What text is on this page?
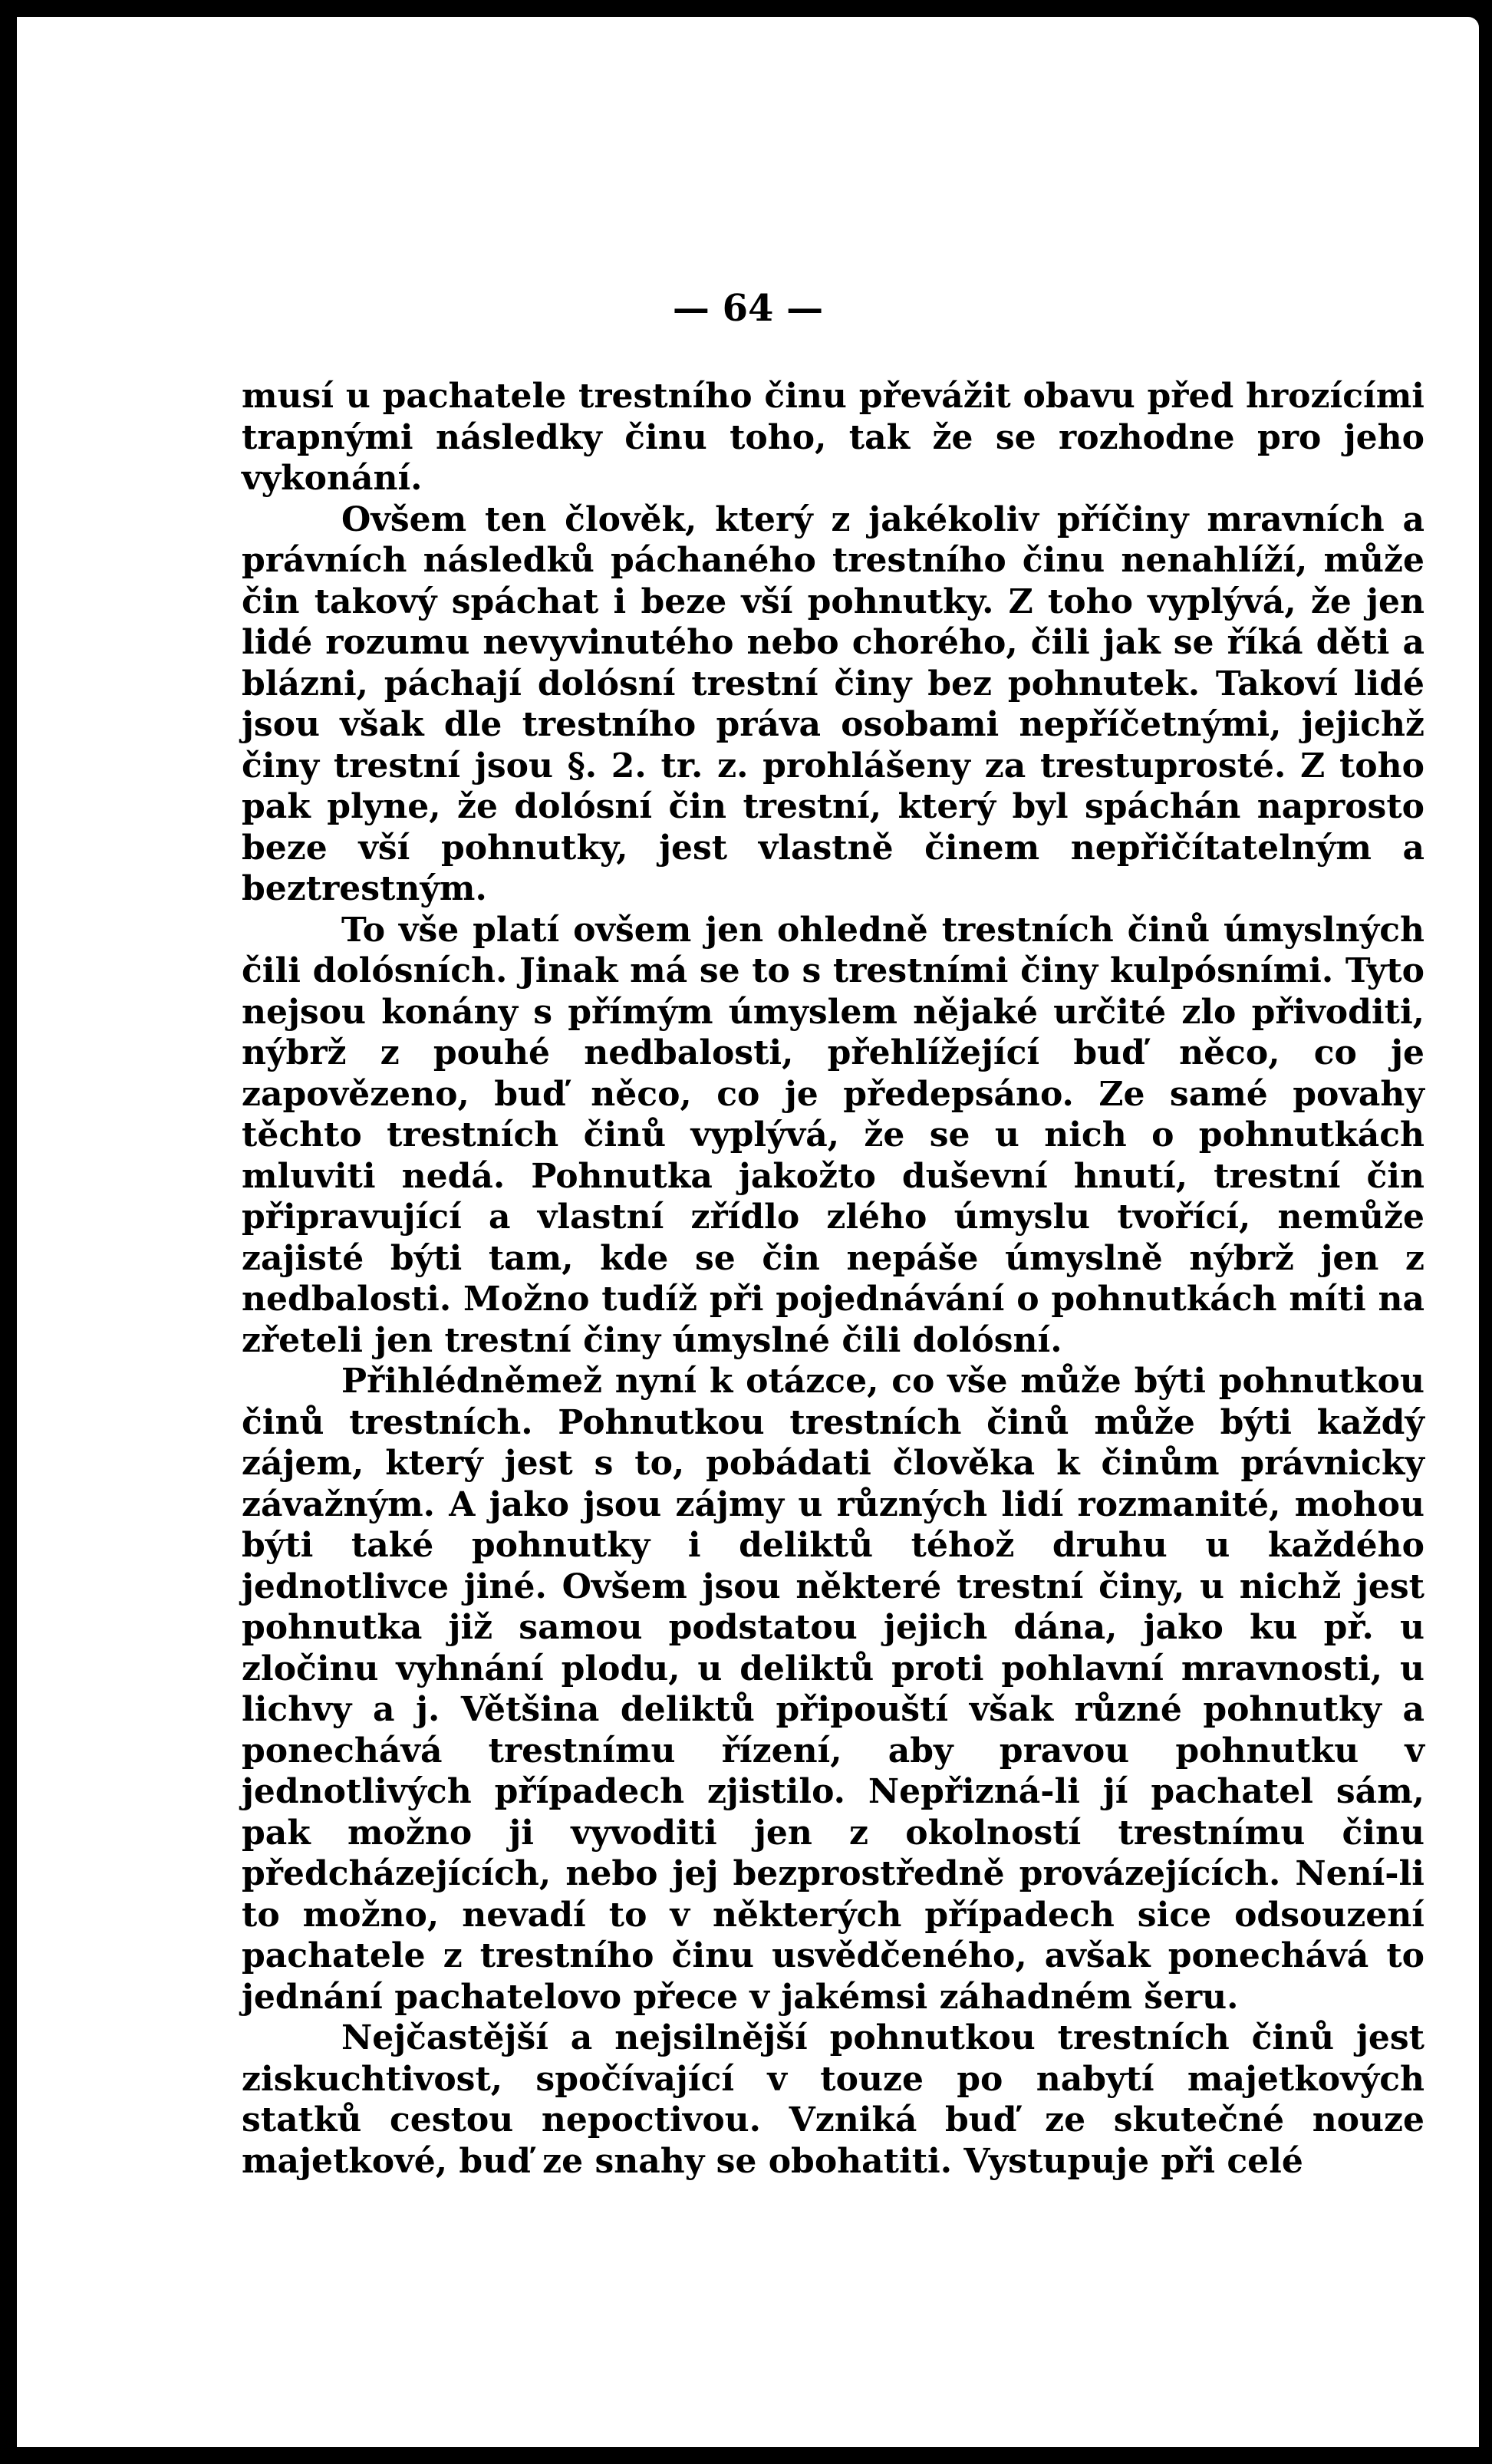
— 64 —

musí u pachatele trestního činu převážit obavu před hrozícími trapnými následky činu toho, tak že se rozhodne pro jeho vykonání.

Ovšem ten člověk, který z jakékoliv příčiny mravních a právních následků páchaného trestního činu nenahlíží, může čin takový spáchat i beze vší pohnutky. Z toho vyplývá, že jen lidé rozumu nevyvinutého nebo chorého, čili jak se říká děti a blázni, páchají dolósní trestní činy bez pohnutek. Takoví lidé jsou však dle trestního práva osobami nepříčetnými, jejichž činy trestní jsou §. 2. tr. z. prohlášeny za trestuprosté. Z toho pak plyne, že dolósní čin trestní, který byl spáchán naprosto beze vší pohnutky, jest vlastně činem nepřičítatelným a beztrestným.

To vše platí ovšem jen ohledně trestních činů úmyslných čili dolósních. Jinak má se to s trestními činy kulpósními. Tyto nejsou konány s přímým úmyslem nějaké určité zlo přivoditi, nýbrž z pouhé nedbalosti, přehlížející buď něco, co je zapovězeno, buď něco, co je předepsáno. Ze samé povahy těchto trestních činů vyplývá, že se u nich o pohnutkách mluviti nedá. Pohnutka jakožto duševní hnutí, trestní čin připravující a vlastní zřídlo zlého úmyslu tvořící, nemůže zajisté býti tam, kde se čin nepáše úmyslně nýbrž jen z nedbalosti. Možno tudíž při pojednávání o pohnutkách míti na zřeteli jen trestní činy úmyslné čili dolósní.

Přihlédněmež nyní k otázce, co vše může býti pohnutkou činů trestních. Pohnutkou trestních činů může býti každý zájem, který jest s to, pobádati člověka k činům právnicky závažným. A jako jsou zájmy u různých lidí rozmanité, mohou býti také pohnutky i deliktů téhož druhu u každého jednotlivce jiné. Ovšem jsou některé trestní činy, u nichž jest pohnutka již samou podstatou jejich dána, jako ku př. u zločinu vyhnání plodu, u deliktů proti pohlavní mravnosti, u lichvy a j. Většina deliktů připouští však různé pohnutky a ponechává trestnímu řízení, aby pravou pohnutku v jednotlivých případech zjistilo. Nepřizná-li jí pachatel sám, pak možno ji vyvoditi jen z okolností trestnímu činu předcházejících, nebo jej bezprostředně provázejících. Není-li to možno, nevadí to v některých případech sice odsouzení pachatele z trestního činu usvědčeného, avšak ponechává to jednání pachatelovo přece v jakémsi záhadném šeru.

Nejčastější a nejsilnější pohnutkou trestních činů jest ziskuchtivost, spočívající v touze po nabytí majetkových statků cestou nepoctivou. Vzniká buď ze skutečné nouze majetkové, buď ze snahy se obohatiti. Vystupuje při celé
